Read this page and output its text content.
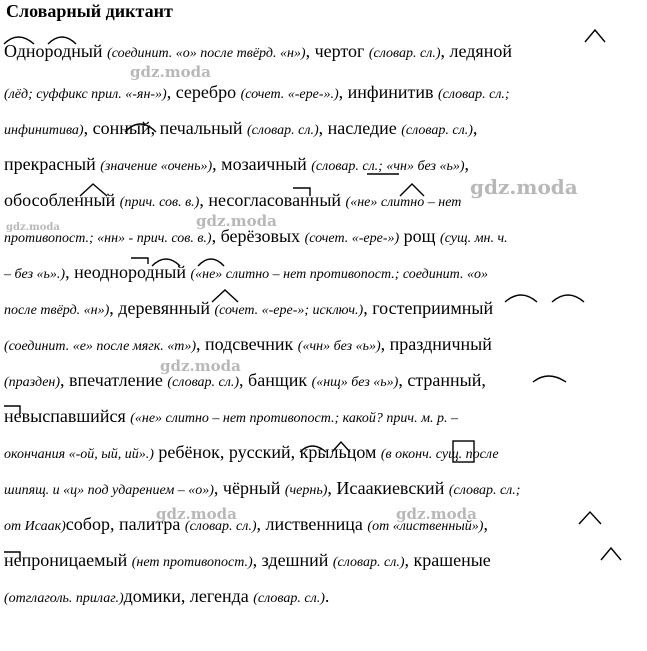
Словарный диктант
Однородный (соединит. «о» после твёрд. «н»), чертог (словар. сл.), ледяной
(лёд; суффикс прил. «-ян-»), серебро (сочет. «-ере-».), инфинитив (словар. сл.;
инфинитива), сонный, печальный (словар. сл.), наследие (словар. сл.),
прекрасный (значение «очень»), мозаичный (словар. сл.; «чн» без «ь»),
обособленный (прич. сов. в.), несогласованный («не» слитно – нет
противопост.; «нн» - прич. сов. в.), берёзовых (сочет. «-ере-») рощ (сущ. мн. ч.
– без «ь».), неоднородный («не» слитно – нет противопост.; соединит. «о»
после твёрд. «н»), деревянный (сочет. «-ере-»; исключ.), гостеприимный
(соединит. «е» после мягк. «т»), подсвечник («чн» без «ь»), праздничный
(празден), впечатление (словар. сл.), банщик («нщ» без «ь»), странный,
невыспавшийся («не» слитно – нет противопост.; какой? прич. м. р. –
окончания «-ой, ый, ий».) ребёнок, русский, крыльцом (в оконч. сущ. после
шипящ. и «ц» под ударением – «о»), чёрный (чернь), Исаакиевский (словар. сл.;
от Исаак)собор, палитра (словар. сл.), лиственница (от «лиственный»),
непроницаемый (нет противопост.), здешний (словар. сл.), крашеные
(отглаголь. прилаг.)домики, легенда (словар. сл.).
gdz.moda
gdz.moda
gdz.moda	gdz.moda
gdz.moda
gdz.moda	gdz.moda
